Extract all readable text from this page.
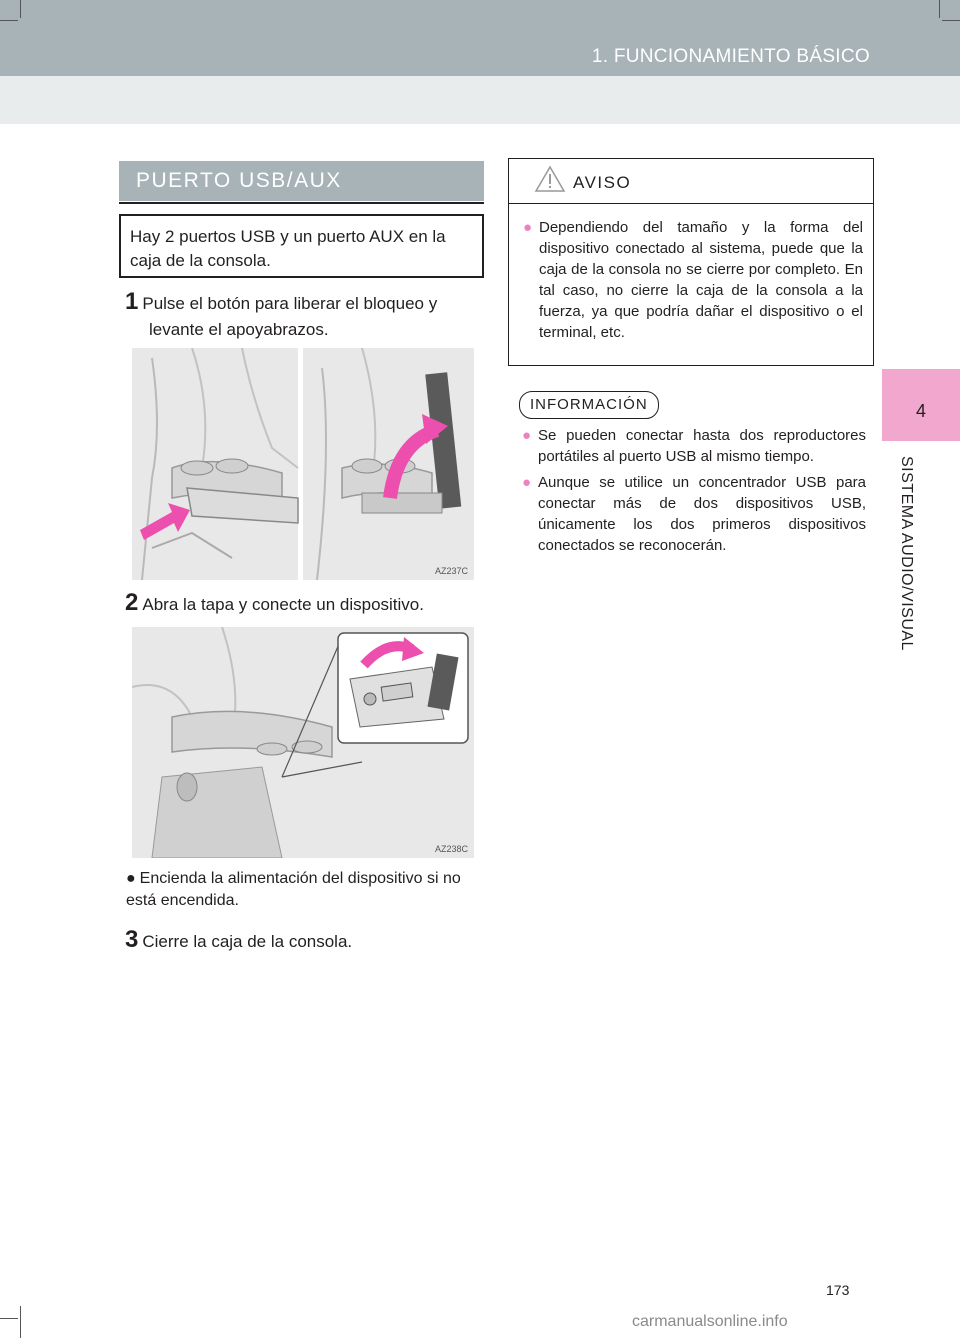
1. FUNCIONAMIENTO BÁSICO
4
SISTEMA AUDIO/VISUAL
PUERTO USB/AUX
Hay 2 puertos USB y un puerto AUX en la caja de la consola.
1 Pulse el botón para liberar el bloqueo y
levante el apoyabrazos.
AZ237C
2 Abra la tapa y conecte un dispositivo.
AZ238C
● Encienda la alimentación del dispositivo si no está encendida.
3 Cierre la caja de la consola.
AVISO
● Dependiendo del tamaño y la forma del dispositivo conectado al sistema, puede que la caja de la consola no se cierre por completo. En tal caso, no cierre la caja de la consola a la fuerza, ya que podría dañar el dispositivo o el terminal, etc.
INFORMACIÓN
● Se pueden conectar hasta dos reproductores portátiles al puerto USB al mismo tiempo.
● Aunque se utilice un concentrador USB para conectar más de dos dispositivos USB, únicamente los dos primeros dispositivos conectados se reconocerán.
173
carmanualsonline.info
